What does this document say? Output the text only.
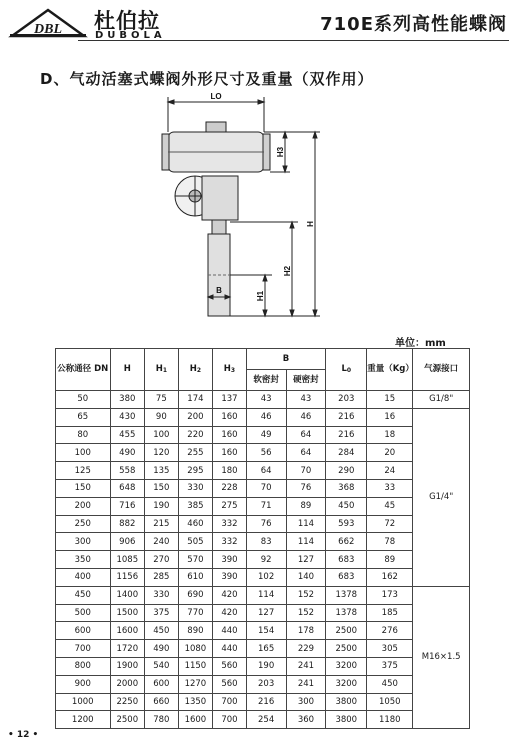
DBL 杜伯拉
DUBOLA
710E系列高性能蝶阀
D、气动活塞式蝶阀外形尺寸及重量（双作用）
LO
H3
H
H2
H1
B
单位：mm
公称通径 DN	H	H1	H2	H3	B		L0	重量（Kg）	气源接口
					软密封	硬密封			
50	380	75	174	137	43	43	203	15	G1/8"
65	430	90	200	160	46	46	216	16	G1/4"
80	455	100	220	160	49	64	216	18	
100	490	120	255	160	56	64	284	20	
125	558	135	295	180	64	70	290	24	
150	648	150	330	228	70	76	368	33	
200	716	190	385	275	71	89	450	45	
250	882	215	460	332	76	114	593	72	
300	906	240	505	332	83	114	662	78	
350	1085	270	570	390	92	127	683	89	
400	1156	285	610	390	102	140	683	162	
450	1400	330	690	420	114	152	1378	173	M16×1.5
500	1500	375	770	420	127	152	1378	185	
600	1600	450	890	440	154	178	2500	276	
700	1720	490	1080	440	165	229	2500	305	
800	1900	540	1150	560	190	241	3200	375	
900	2000	600	1270	560	203	241	3200	450	
1000	2250	660	1350	700	216	300	3800	1050	
1200	2500	780	1600	700	254	360	3800	1180	
• 12 •
